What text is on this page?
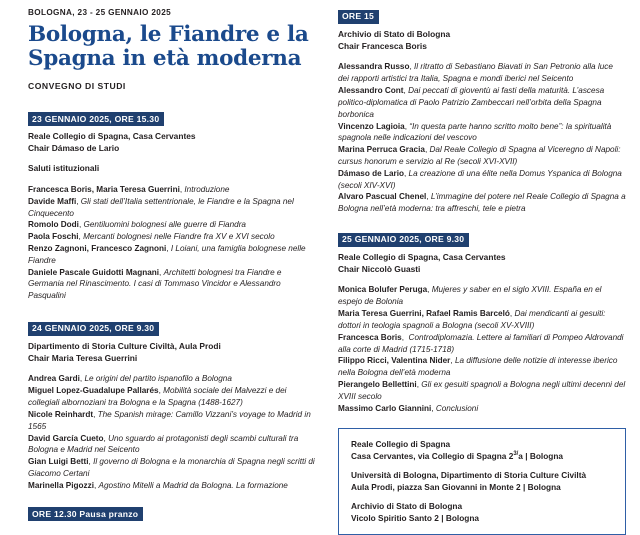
BOLOGNA, 23 - 25 GENNAIO 2025
Bologna, le Fiandre e la
Spagna in età moderna
CONVEGNO DI STUDI
23 GENNAIO 2025, ORE 15.30
Reale Collegio di Spagna, Casa Cervantes
Chair Dámaso de Lario
Saluti istituzionali
Francesca Boris, Maria Teresa Guerrini, Introduzione
Davide Maffi, Gli stati dell’Italia settentrionale, le Fiandre e la Spagna nel Cinquecento
Romolo Dodi, Gentiluomini bolognesi alle guerre di Fiandra
Paola Foschi, Mercanti bolognesi nelle Fiandre fra XV e XVI secolo
Renzo Zagnoni, Francesco Zagnoni, I Loiani, una famiglia bolognese nelle Fiandre
Daniele Pascale Guidotti Magnani, Architetti bolognesi tra Fiandre e Germania nel Rinascimento. I casi di Tommaso Vincidor e Alessandro Pasqualini
24 GENNAIO 2025, ORE 9.30
Dipartimento di Storia Culture Civiltà, Aula Prodi
Chair Maria Teresa Guerrini
Andrea Gardi, Le origini del partito ispanofilo a Bologna
Miguel Lopez-Guadalupe Pallarés, Mobilità sociale dei Malvezzi e dei collegiali albornoziani tra Bologna e la Spagna (1488-1627)
Nicole Reinhardt, The Spanish mirage: Camillo Vizzani’s voyage to Madrid in 1565
David García Cueto, Uno sguardo ai protagonisti degli scambi culturali tra Bologna e Madrid nel Seicento
Gian Luigi Betti, Il governo di Bologna e la monarchia di Spagna negli scritti di Giacomo Certani
Marinella Pigozzi, Agostino Mitelli a Madrid da Bologna. La formazione
ORE 12.30 Pausa pranzo
ORE 15
Archivio di Stato di Bologna
Chair Francesca Boris
Alessandra Russo, Il ritratto di Sebastiano Biavati in San Petronio alla luce dei rapporti artistici tra Italia, Spagna e mondi iberici nel Seicento
Alessandro Cont, Dai peccati di gioventù ai fasti della maturità. L’ascesa politico-diplomatica di Paolo Patrizio Zambeccari nell’orbita della Spagna borbonica
Vincenzo Lagioia, “In questa parte hanno scritto molto bene”: la spiritualità spagnola nelle indicazioni del vescovo
Marina Perruca Gracia, Dal Reale Collegio di Spagna al Viceregno di Napoli: cursus honorum e servizio al Re (secoli XVI-XVII)
Dámaso de Lario, La creazione di una élite nella Domus Yspanica di Bologna (secoli XIV-XVI)
Alvaro Pascual Chenel, L’immagine del potere nel Reale Collegio di Spagna a Bologna nell’età moderna: tra affreschi, tele e pietra
25 GENNAIO 2025, ORE 9.30
Reale Collegio di Spagna, Casa Cervantes
Chair Niccolò Guasti
Monica Bolufer Peruga, Mujeres y saber en el siglo XVIII. España en el espejo de Bolonia
Maria Teresa Guerrini, Rafael Ramis Barceló, Dai mendicanti ai gesuiti: dottori in teologia spagnoli a Bologna (secoli XV-XVIII)
Francesca Boris,  Controdiplomazia. Lettere ai familiari di Pompeo Aldrovandi alla corte di Madrid (1715-1718)
Filippo Ricci, Valentina Nider, La diffusione delle notizie di interesse iberico nella Bologna dell’età moderna
Pierangelo Bellettini, Gli ex gesuiti spagnoli a Bologna negli ultimi decenni del XVIII secolo
Massimo Carlo Giannini, Conclusioni
Reale Collegio di Spagna
Casa Cervantes, via Collegio di Spagna $2^{3/}a$ | Bologna
Università di Bologna, Dipartimento di Storia Culture Civiltà
Aula Prodi, piazza San Giovanni in Monte 2 | Bologna
Archivio di Stato di Bologna
Vicolo Spiritio Santo 2 | Bologna
